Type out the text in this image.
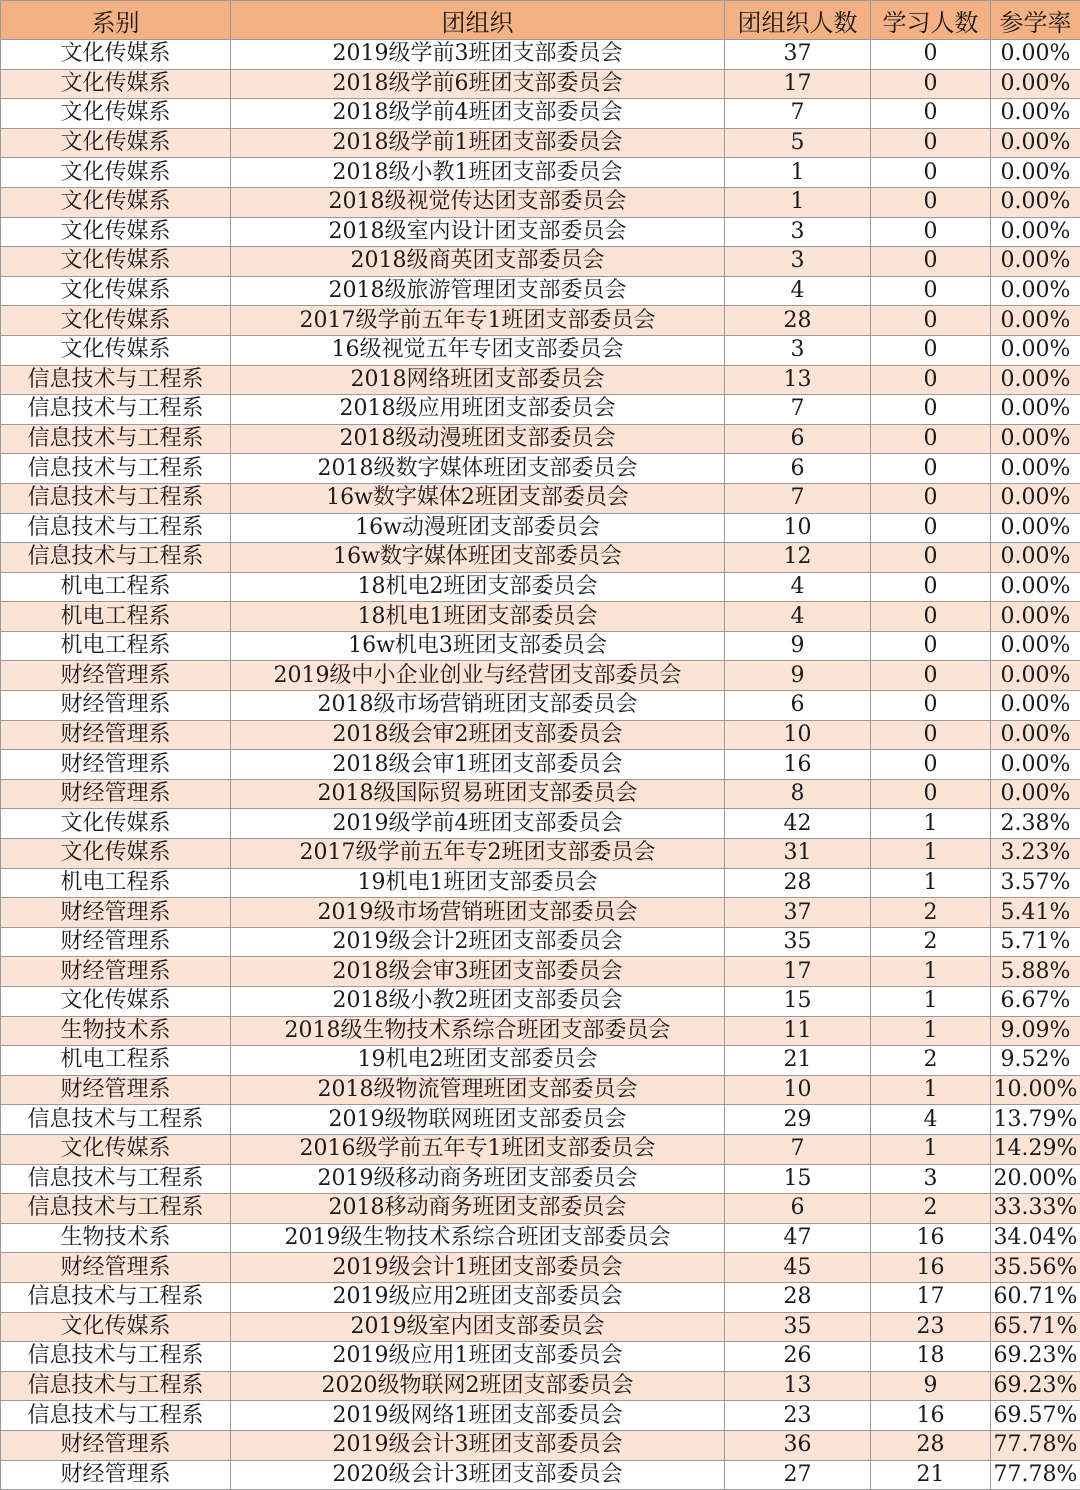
系别	团组织	团组织人数	学习人数	参学率
文化传媒系	2019级学前3班团支部委员会	37	0	0.00%
文化传媒系	2018级学前6班团支部委员会	17	0	0.00%
文化传媒系	2018级学前4班团支部委员会	7	0	0.00%
文化传媒系	2018级学前1班团支部委员会	5	0	0.00%
文化传媒系	2018级小教1班团支部委员会	1	0	0.00%
文化传媒系	2018级视觉传达团支部委员会	1	0	0.00%
文化传媒系	2018级室内设计团支部委员会	3	0	0.00%
文化传媒系	2018级商英团支部委员会	3	0	0.00%
文化传媒系	2018级旅游管理团支部委员会	4	0	0.00%
文化传媒系	2017级学前五年专1班团支部委员会	28	0	0.00%
文化传媒系	16级视觉五年专团支部委员会	3	0	0.00%
信息技术与工程系	2018网络班团支部委员会	13	0	0.00%
信息技术与工程系	2018级应用班团支部委员会	7	0	0.00%
信息技术与工程系	2018级动漫班团支部委员会	6	0	0.00%
信息技术与工程系	2018级数字媒体班团支部委员会	6	0	0.00%
信息技术与工程系	16w数字媒体2班团支部委员会	7	0	0.00%
信息技术与工程系	16w动漫班团支部委员会	10	0	0.00%
信息技术与工程系	16w数字媒体班团支部委员会	12	0	0.00%
机电工程系	18机电2班团支部委员会	4	0	0.00%
机电工程系	18机电1班团支部委员会	4	0	0.00%
机电工程系	16w机电3班团支部委员会	9	0	0.00%
财经管理系	2019级中小企业创业与经营团支部委员会	9	0	0.00%
财经管理系	2018级市场营销班团支部委员会	6	0	0.00%
财经管理系	2018级会审2班团支部委员会	10	0	0.00%
财经管理系	2018级会审1班团支部委员会	16	0	0.00%
财经管理系	2018级国际贸易班团支部委员会	8	0	0.00%
文化传媒系	2019级学前4班团支部委员会	42	1	2.38%
文化传媒系	2017级学前五年专2班团支部委员会	31	1	3.23%
机电工程系	19机电1班团支部委员会	28	1	3.57%
财经管理系	2019级市场营销班团支部委员会	37	2	5.41%
财经管理系	2019级会计2班团支部委员会	35	2	5.71%
财经管理系	2018级会审3班团支部委员会	17	1	5.88%
文化传媒系	2018级小教2班团支部委员会	15	1	6.67%
生物技术系	2018级生物技术系综合班团支部委员会	11	1	9.09%
机电工程系	19机电2班团支部委员会	21	2	9.52%
财经管理系	2018级物流管理班团支部委员会	10	1	10.00%
信息技术与工程系	2019级物联网班团支部委员会	29	4	13.79%
文化传媒系	2016级学前五年专1班团支部委员会	7	1	14.29%
信息技术与工程系	2019级移动商务班团支部委员会	15	3	20.00%
信息技术与工程系	2018移动商务班团支部委员会	6	2	33.33%
生物技术系	2019级生物技术系综合班团支部委员会	47	16	34.04%
财经管理系	2019级会计1班团支部委员会	45	16	35.56%
信息技术与工程系	2019级应用2班团支部委员会	28	17	60.71%
文化传媒系	2019级室内团支部委员会	35	23	65.71%
信息技术与工程系	2019级应用1班团支部委员会	26	18	69.23%
信息技术与工程系	2020级物联网2班团支部委员会	13	9	69.23%
信息技术与工程系	2019级网络1班团支部委员会	23	16	69.57%
财经管理系	2019级会计3班团支部委员会	36	28	77.78%
财经管理系	2020级会计3班团支部委员会	27	21	77.78%
